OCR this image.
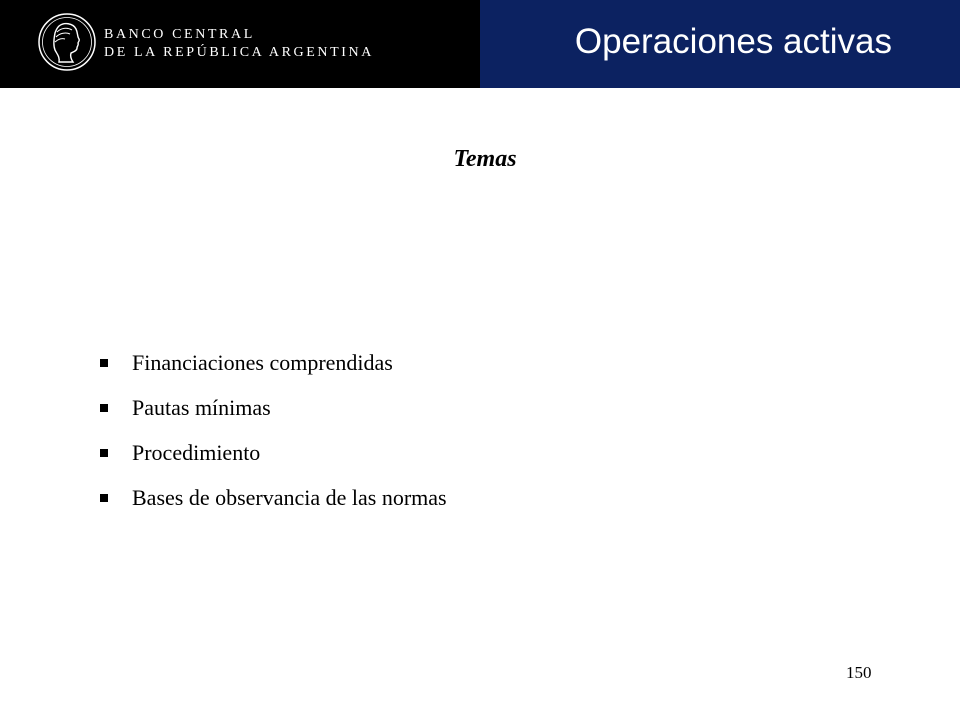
BANCO CENTRAL
DE LA REPÚBLICA ARGENTINA	Operaciones activas
Temas
Financiaciones comprendidas
Pautas mínimas
Procedimiento
Bases de observancia de las normas
150
